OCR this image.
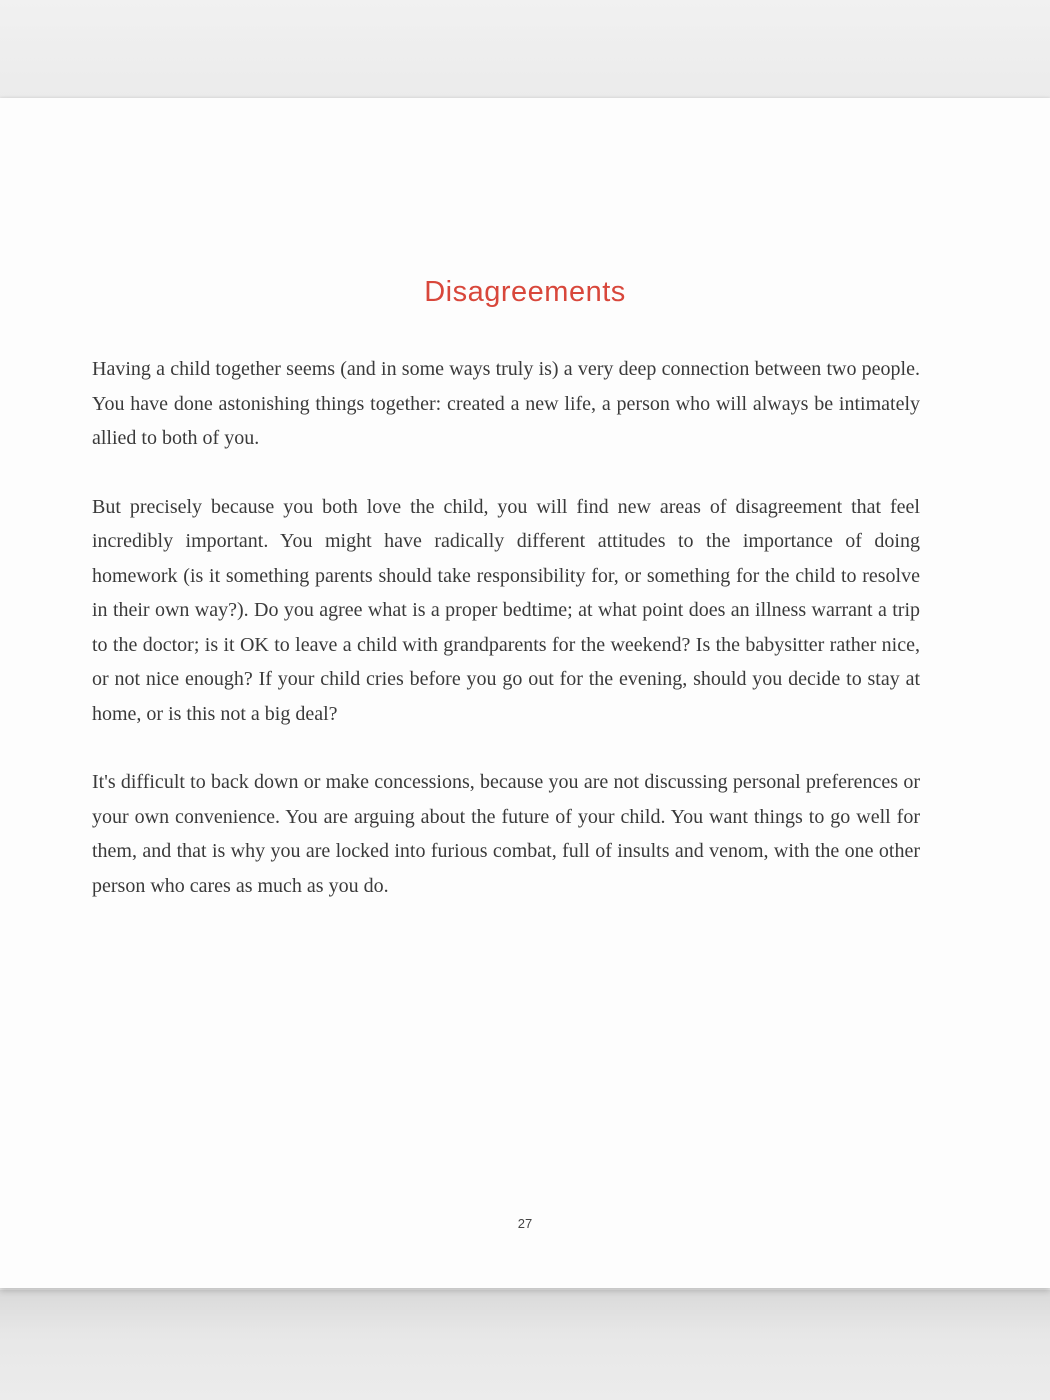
Disagreements

Having a child together seems (and in some ways truly is) a very deep connection between two people. You have done astonishing things together: created a new life, a person who will always be intimately allied to both of you.

But precisely because you both love the child, you will find new areas of disagreement that feel incredibly important. You might have radically different attitudes to the importance of doing homework (is it something parents should take responsibility for, or something for the child to resolve in their own way?). Do you agree what is a proper bedtime; at what point does an illness warrant a trip to the doctor; is it OK to leave a child with grandparents for the weekend? Is the babysitter rather nice, or not nice enough? If your child cries before you go out for the evening, should you decide to stay at home, or is this not a big deal?

It's difficult to back down or make concessions, because you are not discussing personal preferences or your own convenience. You are arguing about the future of your child. You want things to go well for them, and that is why you are locked into furious combat, full of insults and venom, with the one other person who cares as much as you do.

27
